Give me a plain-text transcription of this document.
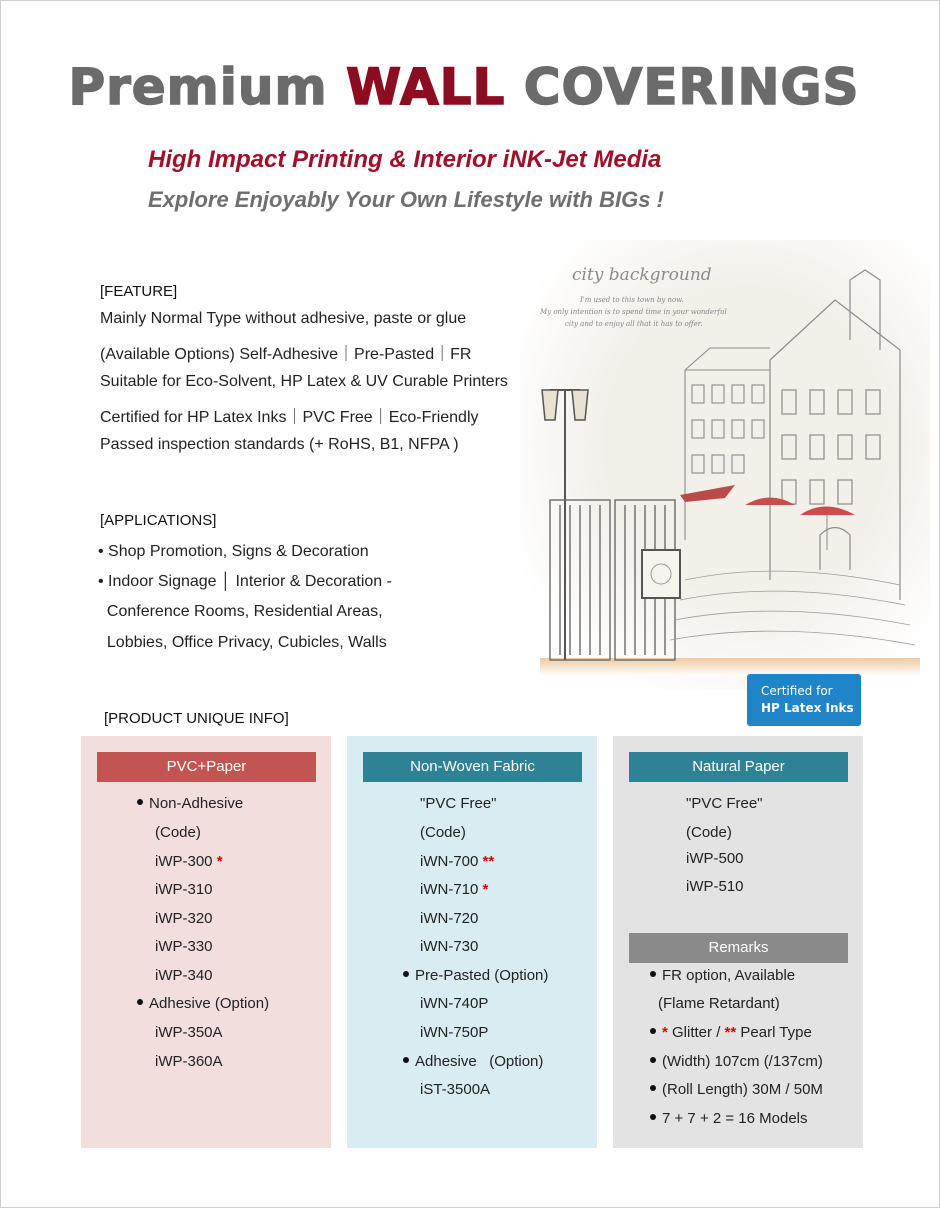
Premium WALL COVERINGS
High Impact Printing & Interior iNK-Jet Media
Explore Enjoyably Your Own Lifestyle with BIGs !
city background
I'm used to this town by now.
My only intention is to spend time in your wonderful
city and to enjoy all that it has to offer.
Certified for
HP Latex Inks
[FEATURE]
Mainly Normal Type without adhesive, paste or glue
(Available Options) Self-Adhesive｜Pre-Pasted｜FR
Suitable for Eco-Solvent, HP Latex & UV Curable Printers
Certified for HP Latex Inks｜PVC Free｜Eco-Friendly
Passed inspection standards (+ RoHS, B1, NFPA )
[APPLICATIONS]
• Shop Promotion, Signs & Decoration
• Indoor Signage │ Interior & Decoration -
Conference Rooms, Residential Areas,
Lobbies, Office Privacy, Cubicles, Walls
[PRODUCT UNIQUE INFO]
PVC+Paper	Non-Woven Fabric	Natural Paper
Non-Adhesive
(Code)
iWP-300 *
iWP-310
iWP-320
iWP-330
iWP-340
Adhesive (Option)
iWP-350A
iWP-360A
"PVC Free"
(Code)
iWN-700 **
iWN-710 *
iWN-720
iWN-730
Pre-Pasted (Option)
iWN-740P
iWN-750P
Adhesive   (Option)
iST-3500A
"PVC Free"
(Code)
iWP-500
iWP-510
Remarks
FR option, Available
(Flame Retardant)
* Glitter / ** Pearl Type
(Width) 107cm (/137cm)
(Roll Length) 30M / 50M
7 + 7 + 2 = 16 Models
